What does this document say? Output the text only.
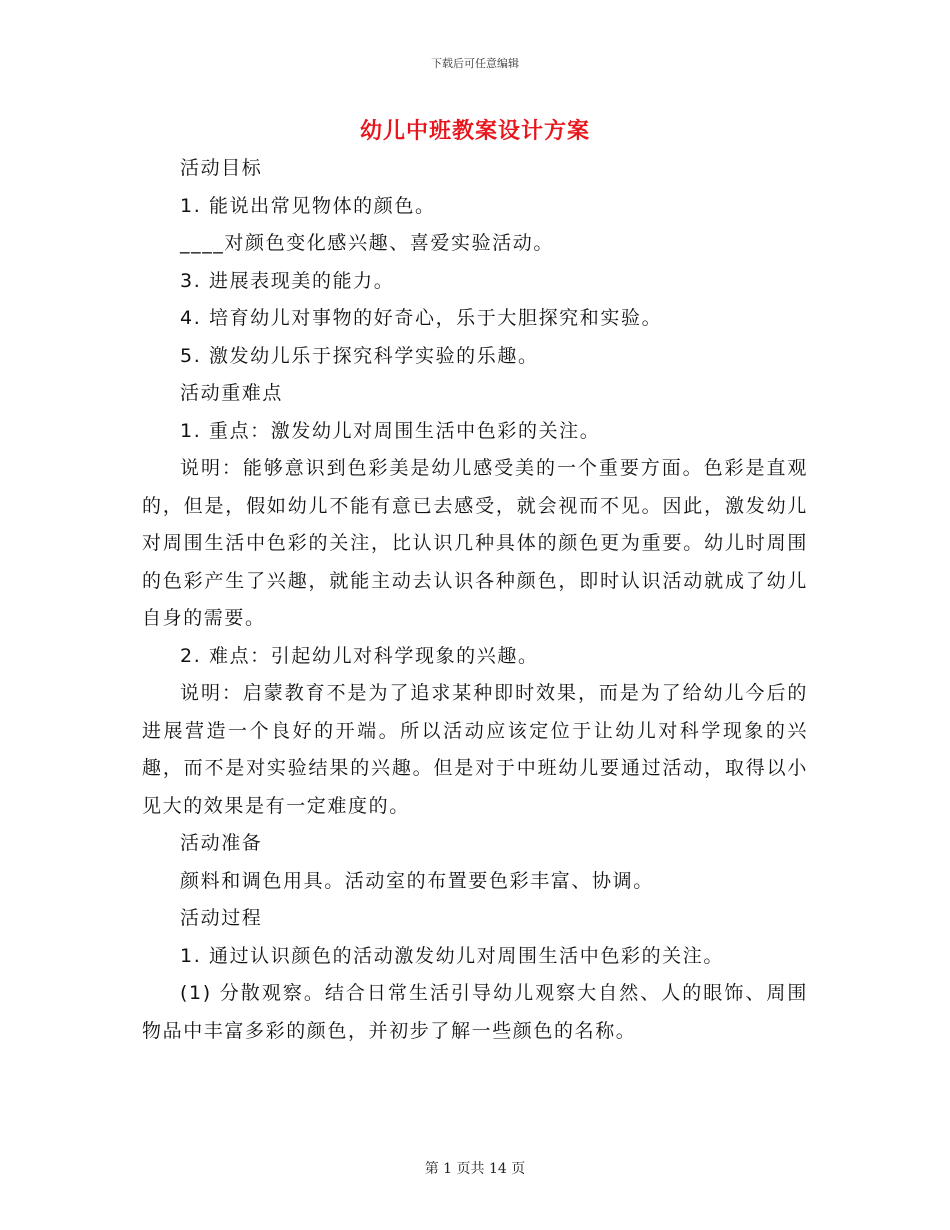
下载后可任意编辑
幼儿中班教案设计方案

活动目标

1. 能说出常见物体的颜色。

____对颜色变化感兴趣、喜爱实验活动。

3. 进展表现美的能力。

4. 培育幼儿对事物的好奇心，乐于大胆探究和实验。

5. 激发幼儿乐于探究科学实验的乐趣。

活动重难点

1. 重点：激发幼儿对周围生活中色彩的关注。

说明：能够意识到色彩美是幼儿感受美的一个重要方面。色彩是直观的，但是，假如幼儿不能有意已去感受，就会视而不见。因此，激发幼儿对周围生活中色彩的关注，比认识几种具体的颜色更为重要。幼儿时周围的色彩产生了兴趣，就能主动去认识各种颜色，即时认识活动就成了幼儿自身的需要。

2. 难点：引起幼儿对科学现象的兴趣。

说明：启蒙教育不是为了追求某种即时效果，而是为了给幼儿今后的进展营造一个良好的开端。所以活动应该定位于让幼儿对科学现象的兴趣，而不是对实验结果的兴趣。但是对于中班幼儿要通过活动，取得以小见大的效果是有一定难度的。

活动准备

颜料和调色用具。活动室的布置要色彩丰富、协调。

活动过程

1. 通过认识颜色的活动激发幼儿对周围生活中色彩的关注。

(1) 分散观察。结合日常生活引导幼儿观察大自然、人的眼饰、周围物品中丰富多彩的颜色，并初步了解一些颜色的名称。

第 1 页共 14 页
